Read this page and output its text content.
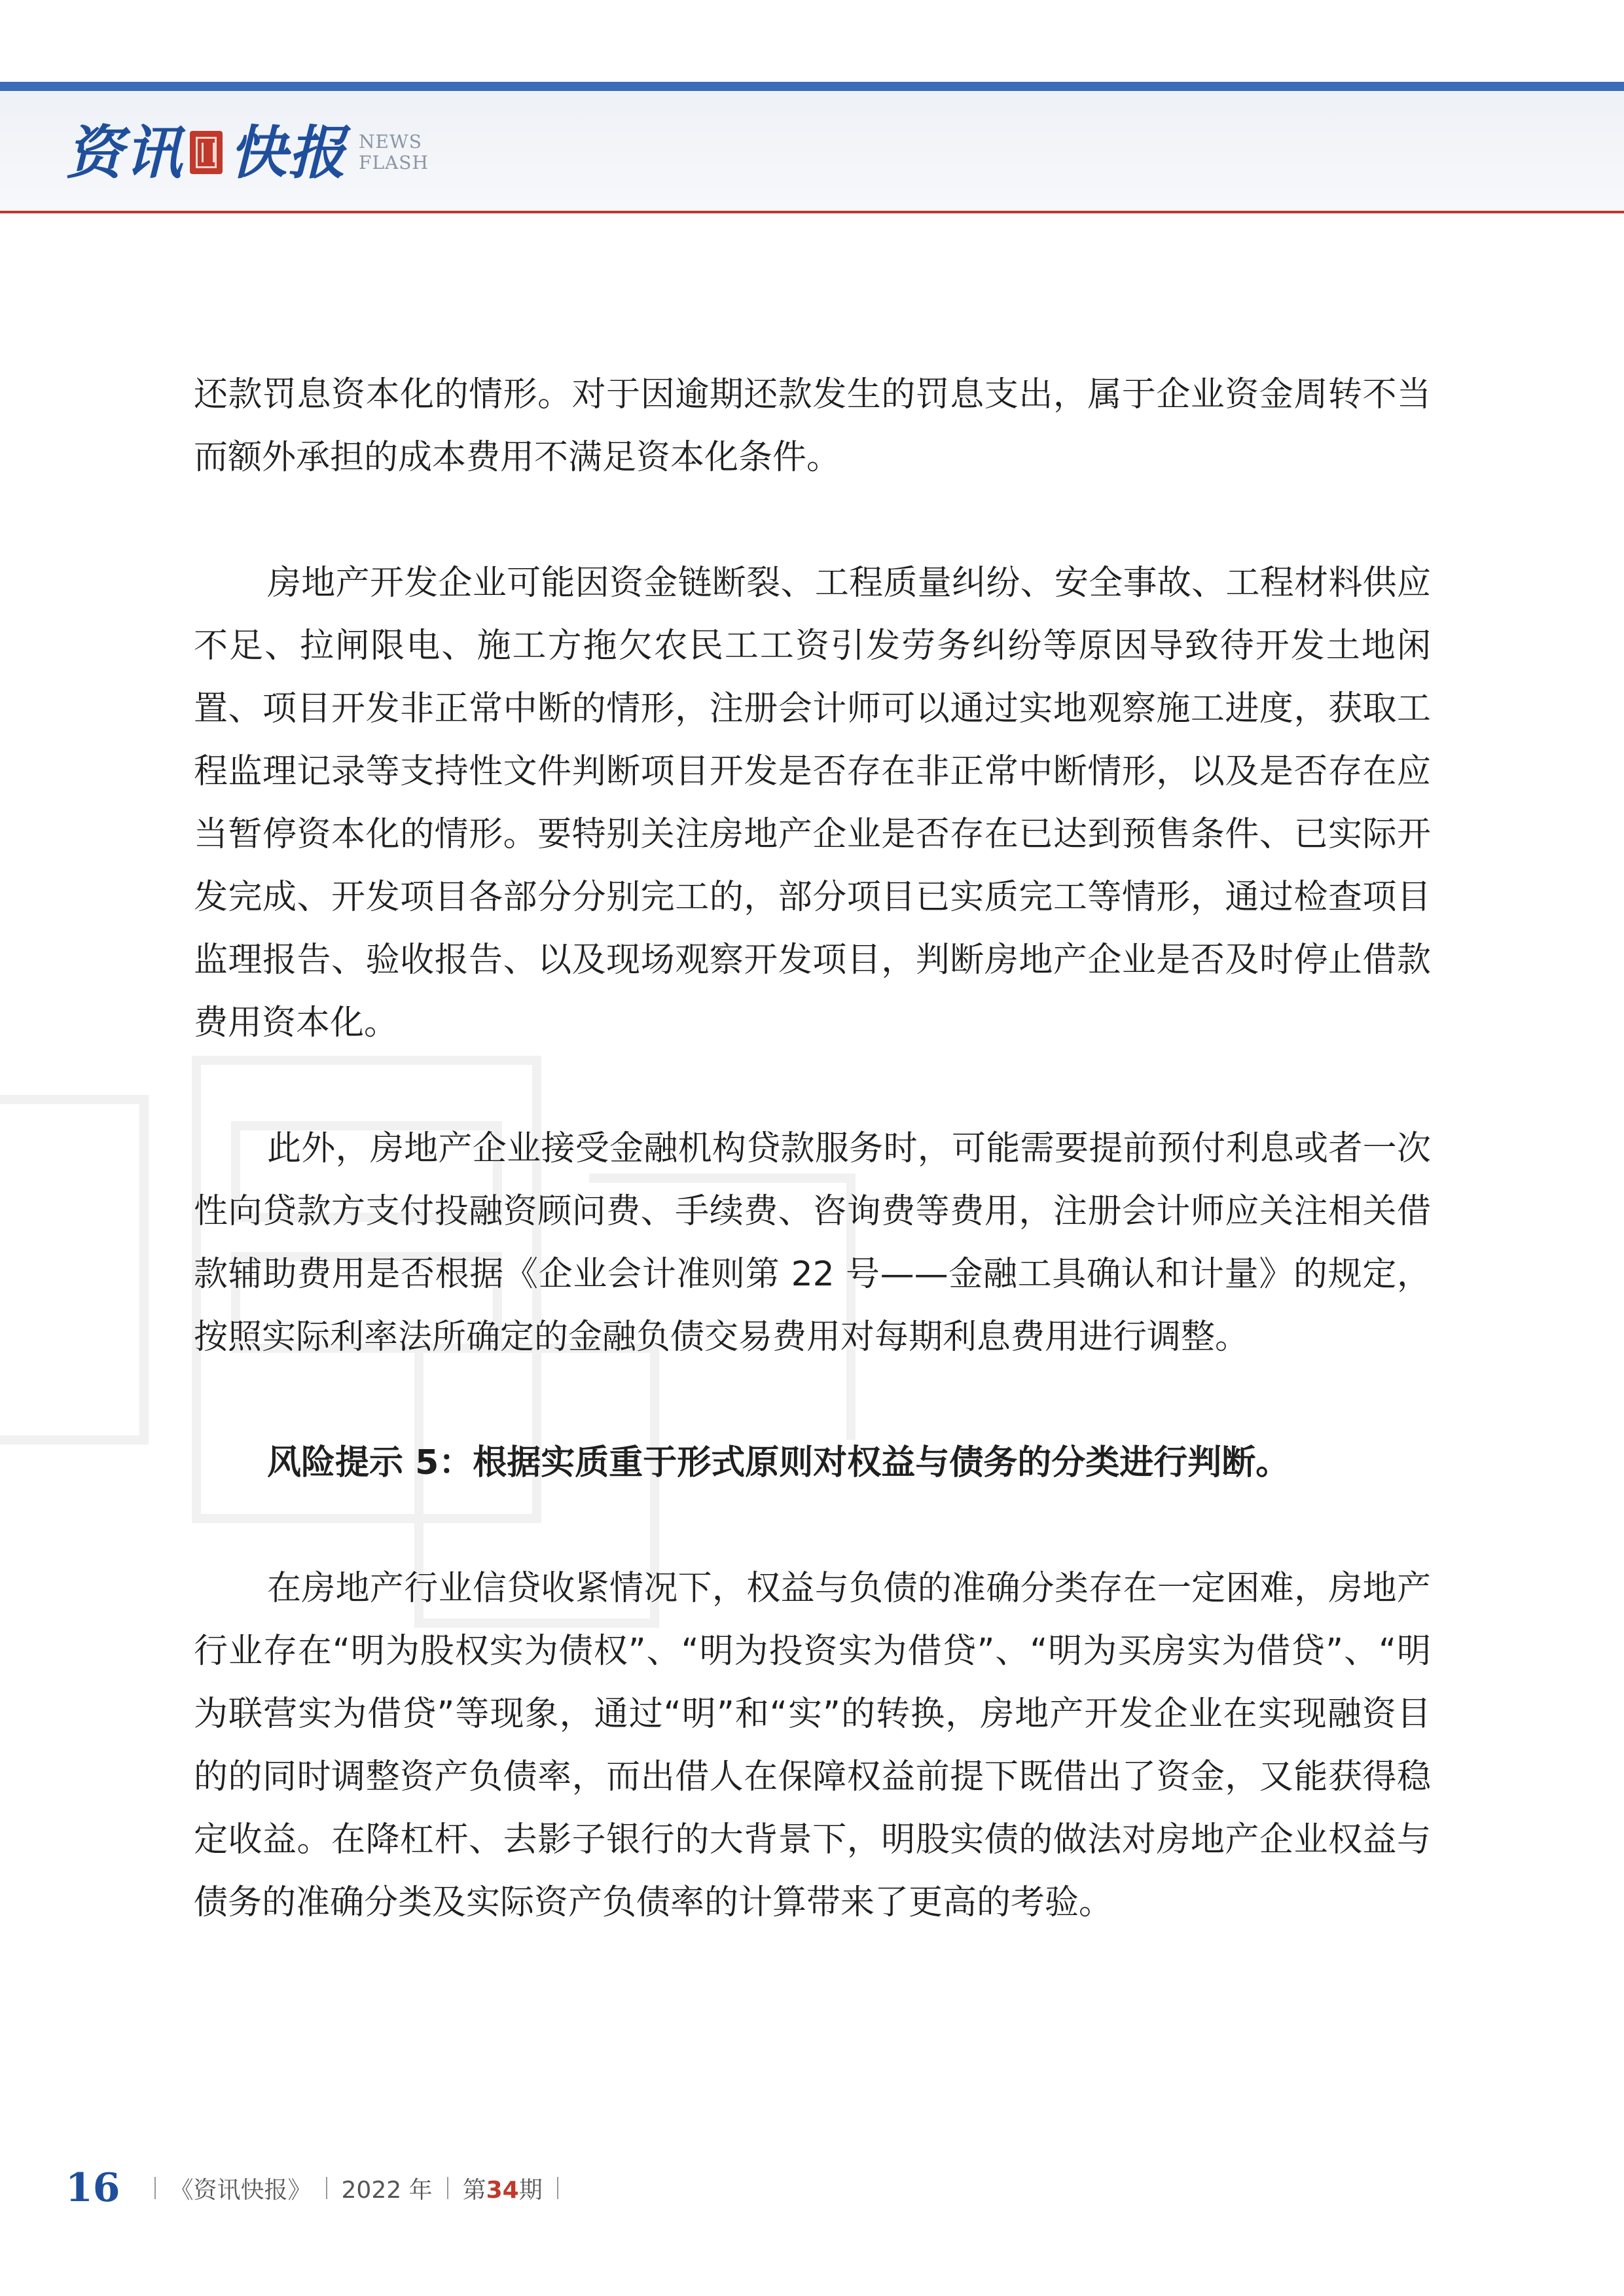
资讯 快报 NEWS
FLASH

还款罚息资本化的情形。对于因逾期还款发生的罚息支出，属于企业资金周转不当而额外承担的成本费用不满足资本化条件。

房地产开发企业可能因资金链断裂、工程质量纠纷、安全事故、工程材料供应不足、拉闸限电、施工方拖欠农民工工资引发劳务纠纷等原因导致待开发土地闲置、项目开发非正常中断的情形，注册会计师可以通过实地观察施工进度，获取工程监理记录等支持性文件判断项目开发是否存在非正常中断情形，以及是否存在应当暂停资本化的情形。要特别关注房地产企业是否存在已达到预售条件、已实际开发完成、开发项目各部分分别完工的，部分项目已实质完工等情形，通过检查项目监理报告、验收报告、以及现场观察开发项目，判断房地产企业是否及时停止借款费用资本化。

此外，房地产企业接受金融机构贷款服务时，可能需要提前预付利息或者一次性向贷款方支付投融资顾问费、手续费、咨询费等费用，注册会计师应关注相关借款辅助费用是否根据《企业会计准则第 22 号——金融工具确认和计量》的规定，按照实际利率法所确定的金融负债交易费用对每期利息费用进行调整。

风险提示 5：根据实质重于形式原则对权益与债务的分类进行判断。

在房地产行业信贷收紧情况下，权益与负债的准确分类存在一定困难，房地产行业存在“明为股权实为债权”、“明为投资实为借贷”、“明为买房实为借贷”、“明为联营实为借贷”等现象，通过“明”和“实”的转换，房地产开发企业在实现融资目的的同时调整资产负债率，而出借人在保障权益前提下既借出了资金，又能获得稳定收益。在降杠杆、去影子银行的大背景下，明股实债的做法对房地产企业权益与债务的准确分类及实际资产负债率的计算带来了更高的考验。

16 《资讯快报》 2022 年 第34期
